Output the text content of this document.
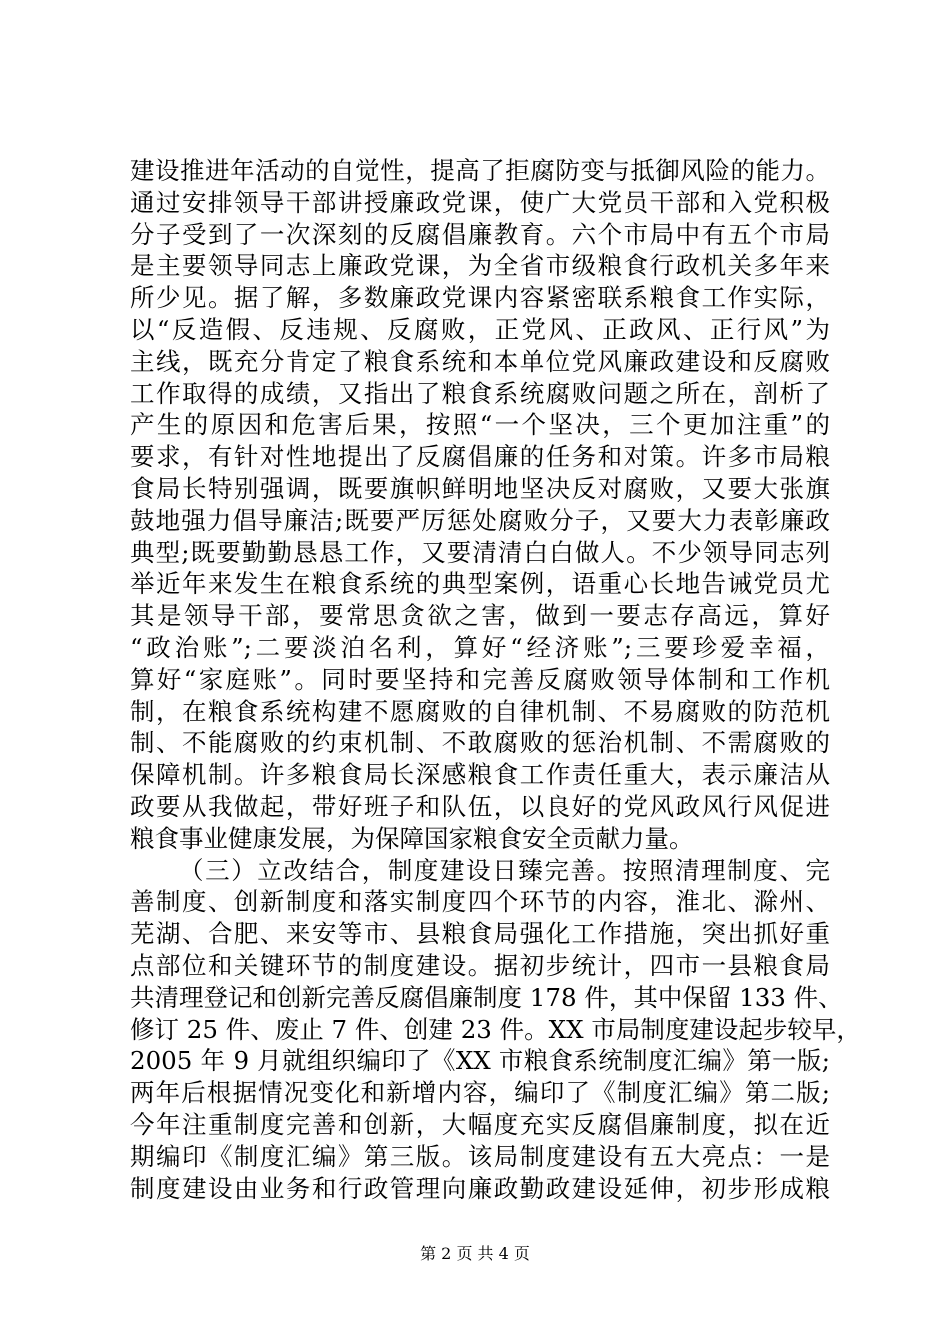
建设推进年活动的自觉性，提高了拒腐防变与抵御风险的能力。
通过安排领导干部讲授廉政党课，使广大党员干部和入党积极
分子受到了一次深刻的反腐倡廉教育。六个市局中有五个市局
是主要领导同志上廉政党课，为全省市级粮食行政机关多年来
所少见。据了解，多数廉政党课内容紧密联系粮食工作实际，
以“反造假、反违规、反腐败，正党风、正政风、正行风”为
主线，既充分肯定了粮食系统和本单位党风廉政建设和反腐败
工作取得的成绩，又指出了粮食系统腐败问题之所在，剖析了
产生的原因和危害后果，按照“一个坚决，三个更加注重”的
要求，有针对性地提出了反腐倡廉的任务和对策。许多市局粮
食局长特别强调，既要旗帜鲜明地坚决反对腐败，又要大张旗
鼓地强力倡导廉洁;既要严厉惩处腐败分子，又要大力表彰廉政
典型;既要勤勤恳恳工作，又要清清白白做人。不少领导同志列
举近年来发生在粮食系统的典型案例，语重心长地告诫党员尤
其是领导干部，要常思贪欲之害，做到一要志存高远，算好
“政治账”;二要淡泊名利，算好“经济账”;三要珍爱幸福，
算好“家庭账”。同时要坚持和完善反腐败领导体制和工作机
制，在粮食系统构建不愿腐败的自律机制、不易腐败的防范机
制、不能腐败的约束机制、不敢腐败的惩治机制、不需腐败的
保障机制。许多粮食局长深感粮食工作责任重大，表示廉洁从
政要从我做起，带好班子和队伍，以良好的党风政风行风促进
粮食事业健康发展，为保障国家粮食安全贡献力量。
（三）立改结合，制度建设日臻完善。按照清理制度、完
善制度、创新制度和落实制度四个环节的内容，淮北、滁州、
芜湖、合肥、来安等市、县粮食局强化工作措施，突出抓好重
点部位和关键环节的制度建设。据初步统计，四市一县粮食局
共清理登记和创新完善反腐倡廉制度 178 件，其中保留 133 件、
修订 25 件、废止 7 件、创建 23 件。XX 市局制度建设起步较早，
2005 年 9 月就组织编印了《XX 市粮食系统制度汇编》第一版;
两年后根据情况变化和新增内容，编印了《制度汇编》第二版;
今年注重制度完善和创新，大幅度充实反腐倡廉制度，拟在近
期编印《制度汇编》第三版。该局制度建设有五大亮点：一是
制度建设由业务和行政管理向廉政勤政建设延伸，初步形成粮
第 2 页 共 4 页
